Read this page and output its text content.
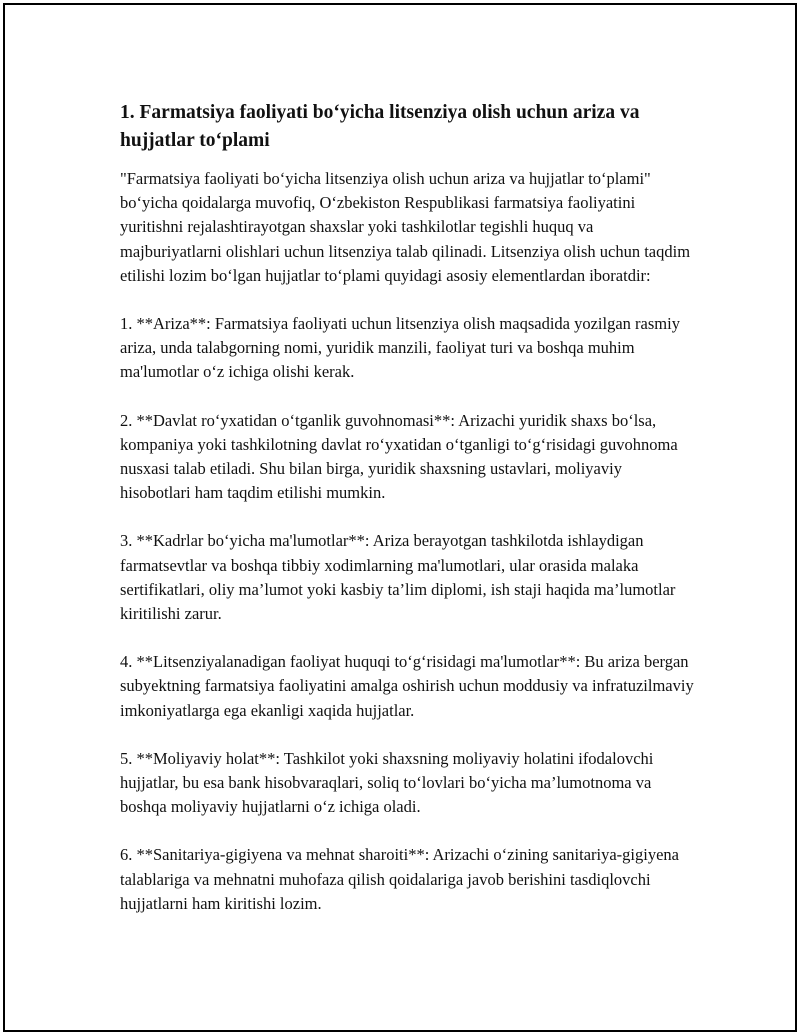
1. Farmatsiya faoliyati bo‘yicha litsenziya olish uchun ariza va hujjatlar to‘plami

"Farmatsiya faoliyati bo‘yicha litsenziya olish uchun ariza va hujjatlar to‘plami" bo‘yicha qoidalarga muvofiq, O‘zbekiston Respublikasi farmatsiya faoliyatini yuritishni rejalashtirayotgan shaxslar yoki tashkilotlar tegishli huquq va majburiyatlarni olishlari uchun litsenziya talab qilinadi. Litsenziya olish uchun taqdim etilishi lozim bo‘lgan hujjatlar to‘plami quyidagi asosiy elementlardan iboratdir:

1. **Ariza**: Farmatsiya faoliyati uchun litsenziya olish maqsadida yozilgan rasmiy ariza, unda talabgorning nomi, yuridik manzili, faoliyat turi va boshqa muhim ma'lumotlar o‘z ichiga olishi kerak.

2. **Davlat ro‘yxatidan o‘tganlik guvohnomasi**: Arizachi yuridik shaxs bo‘lsa, kompaniya yoki tashkilotning davlat ro‘yxatidan o‘tganligi to‘g‘risidagi guvohnoma nusxasi talab etiladi. Shu bilan birga, yuridik shaxsning ustavlari, moliyaviy hisobotlari ham taqdim etilishi mumkin.

3. **Kadrlar bo‘yicha ma'lumotlar**: Ariza berayotgan tashkilotda ishlaydigan farmatsevtlar va boshqa tibbiy xodimlarning ma'lumotlari, ular orasida malaka sertifikatlari, oliy ma’lumot yoki kasbiy ta’lim diplomi, ish staji haqida ma’lumotlar kiritilishi zarur.

4. **Litsenziyalanadigan faoliyat huquqi to‘g‘risidagi ma'lumotlar**: Bu ariza bergan subyektning farmatsiya faoliyatini amalga oshirish uchun moddusiy va infratuzilmaviy imkoniyatlarga ega ekanligi xaqida hujjatlar.

5. **Moliyaviy holat**: Tashkilot yoki shaxsning moliyaviy holatini ifodalovchi hujjatlar, bu esa bank hisobvaraqlari, soliq to‘lovlari bo‘yicha ma’lumotnoma va boshqa moliyaviy hujjatlarni o‘z ichiga oladi.

6. **Sanitariya-gigiyena va mehnat sharoiti**: Arizachi o‘zining sanitariya-gigiyena talablariga va mehnatni muhofaza qilish qoidalariga javob berishini tasdiqlovchi hujjatlarni ham kiritishi lozim.
